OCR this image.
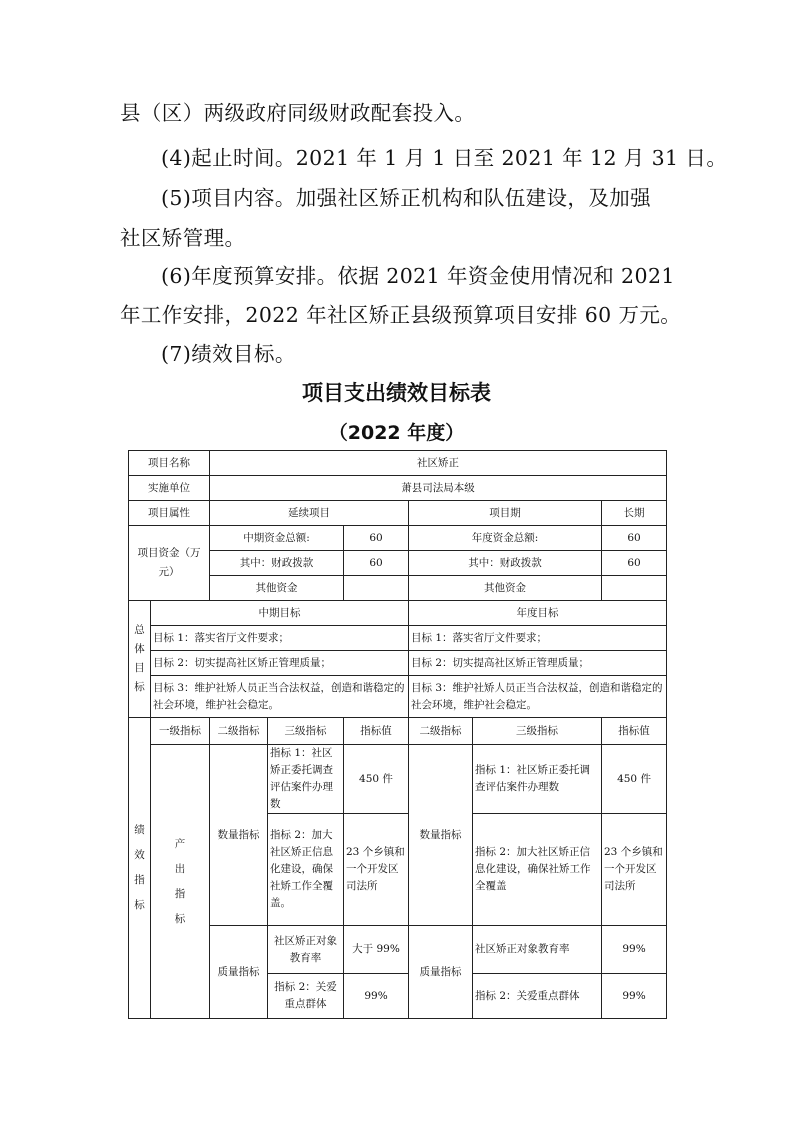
县（区）两级政府同级财政配套投入。
(4)起止时间。2021 年 1 月 1 日至 2021 年 12 月 31 日。
(5)项目内容。加强社区矫正机构和队伍建设，及加强
社区矫管理。
(6)年度预算安排。依据 2021 年资金使用情况和 2021
年工作安排，2022 年社区矫正县级预算项目安排 60 万元。
(7)绩效目标。
项目支出绩效目标表
（2022 年度）
项目名称		社区矫正					
实施单位		萧县司法局本级					
项目属性		延续项目			项目期		长期
项目资金（万元）		中期资金总额:		60	年度资金总额:		60
		其中：财政拨款		60	其中：财政拨款		60
		其他资金			其他资金		
总体目标	中期目标				年度目标		
	目标 1：落实省厅文件要求；				目标 1：落实省厅文件要求；		
	目标 2：切实提高社区矫正管理质量；				目标 2：切实提高社区矫正管理质量；		
	目标 3：维护社矫人员正当合法权益，创造和谐稳定的社会环境，维护社会稳定。				目标 3：维护社矫人员正当合法权益，创造和谐稳定的社会环境，维护社会稳定。		
绩效指标	一级指标	二级指标	三级指标	指标值	二级指标	三级指标	指标值
	产出指标	数量指标	指标 1：社区矫正委托调查评估案件办理数	450 件	数量指标	指标 1：社区矫正委托调查评估案件办理数	450 件
			指标 2：加大社区矫正信息化建设，确保社矫工作全覆盖。	23 个乡镇和一个开发区司法所		指标 2：加大社区矫正信息化建设，确保社矫工作全覆盖	23 个乡镇和一个开发区司法所
		质量指标	社区矫正对象教育率	大于 99%	质量指标	社区矫正对象教育率	99%
			指标 2：关爱重点群体	99%		指标 2：关爱重点群体	99%
